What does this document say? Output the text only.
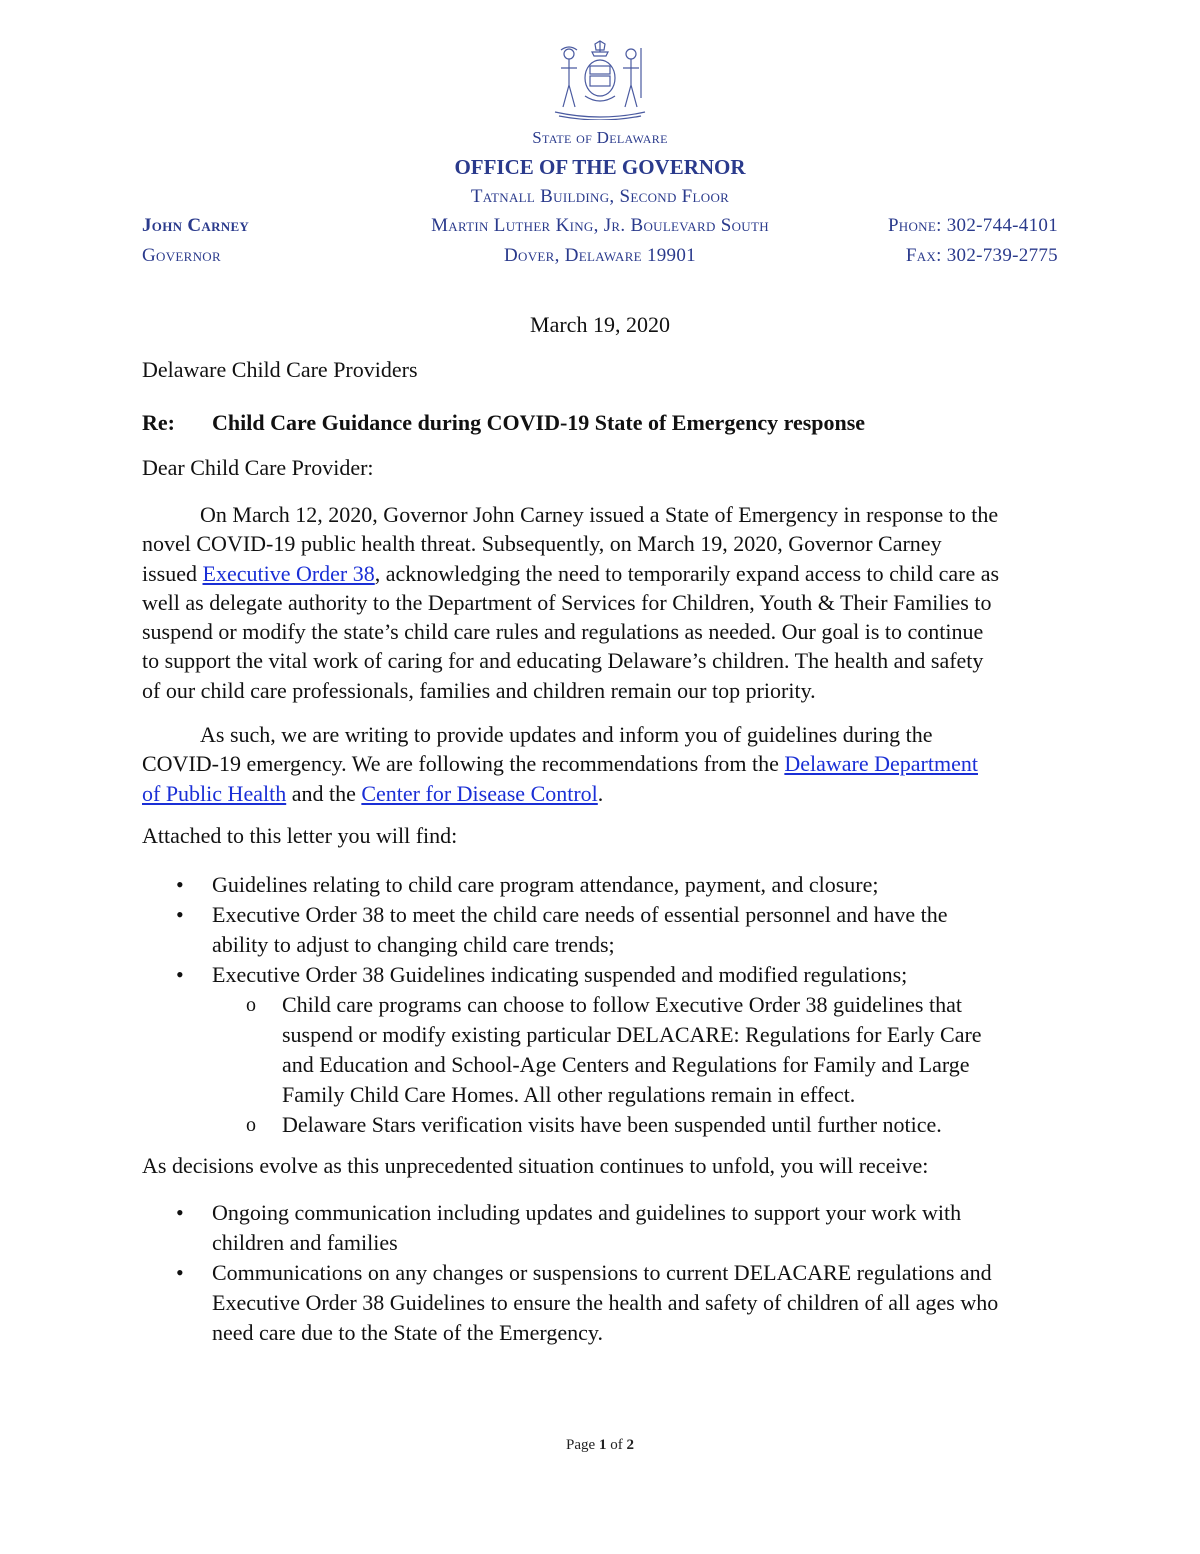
State of Delaware
OFFICE OF THE GOVERNOR
Tatnall Building, Second Floor
Martin Luther King, Jr. Boulevard South
Dover, Delaware 19901
John Carney
Governor
Phone: 302-744-4101
Fax: 302-739-2775
March 19, 2020
Delaware Child Care Providers
Re: Child Care Guidance during COVID-19 State of Emergency response
Dear Child Care Provider:
On March 12, 2020, Governor John Carney issued a State of Emergency in response to the
novel COVID-19 public health threat. Subsequently, on March 19, 2020, Governor Carney
issued Executive Order 38, acknowledging the need to temporarily expand access to child care as
well as delegate authority to the Department of Services for Children, Youth & Their Families to
suspend or modify the state’s child care rules and regulations as needed. Our goal is to continue
to support the vital work of caring for and educating Delaware’s children. The health and safety
of our child care professionals, families and children remain our top priority.
As such, we are writing to provide updates and inform you of guidelines during the
COVID-19 emergency. We are following the recommendations from the Delaware Department
of Public Health and the Center for Disease Control.
Attached to this letter you will find:
• Guidelines relating to child care program attendance, payment, and closure;
• Executive Order 38 to meet the child care needs of essential personnel and have the
ability to adjust to changing child care trends;
• Executive Order 38 Guidelines indicating suspended and modified regulations;
o Child care programs can choose to follow Executive Order 38 guidelines that
suspend or modify existing particular DELACARE: Regulations for Early Care
and Education and School-Age Centers and Regulations for Family and Large
Family Child Care Homes. All other regulations remain in effect.
o Delaware Stars verification visits have been suspended until further notice.
As decisions evolve as this unprecedented situation continues to unfold, you will receive:
• Ongoing communication including updates and guidelines to support your work with
children and families
• Communications on any changes or suspensions to current DELACARE regulations and
Executive Order 38 Guidelines to ensure the health and safety of children of all ages who
need care due to the State of the Emergency.
Page 1 of 2
